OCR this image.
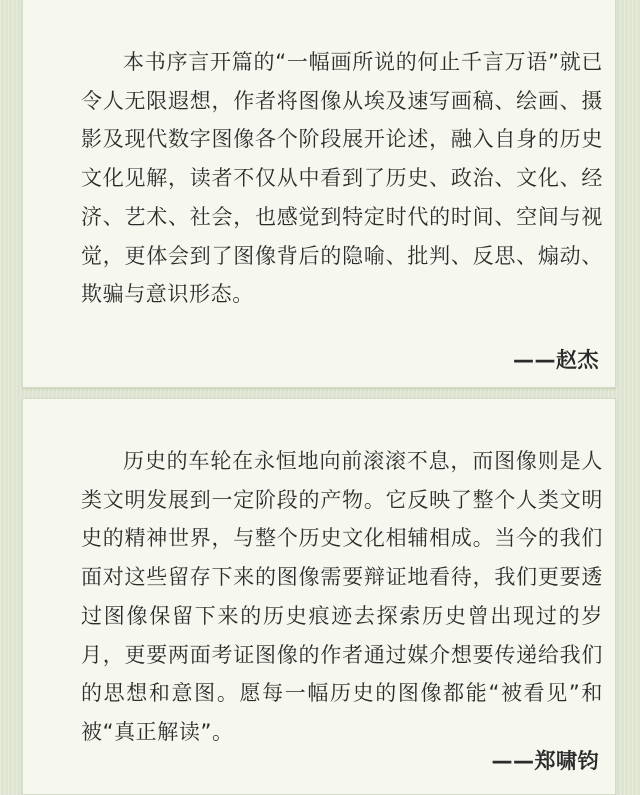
本书序言开篇的“一幅画所说的何止千言万语”就已令人无限遐想，作者将图像从埃及速写画稿、绘画、摄影及现代数字图像各个阶段展开论述，融入自身的历史文化见解，读者不仅从中看到了历史、政治、文化、经济、艺术、社会，也感觉到特定时代的时间、空间与视觉，更体会到了图像背后的隐喻、批判、反思、煽动、欺骗与意识形态。

——赵杰

历史的车轮在永恒地向前滚滚不息，而图像则是人类文明发展到一定阶段的产物。它反映了整个人类文明史的精神世界，与整个历史文化相辅相成。当今的我们面对这些留存下来的图像需要辩证地看待，我们更要透过图像保留下来的历史痕迹去探索历史曾出现过的岁月，更要两面考证图像的作者通过媒介想要传递给我们的思想和意图。愿每一幅历史的图像都能“被看见”和被“真正解读”。

——郑啸钧
